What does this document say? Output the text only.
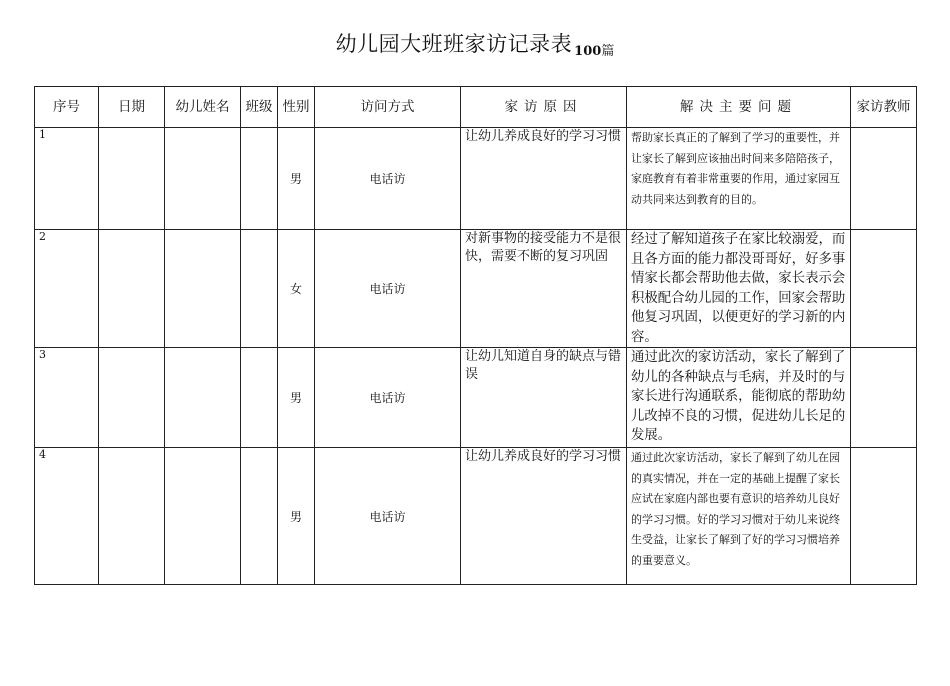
幼儿园大班班家访记录表 $_{100篇}$
序号	日期	幼儿姓名	班级	性别	访问方式	家访原因	解决主要问题	家访教师
1				男	电话访	让幼儿养成良好的学习习惯	帮助家长真正的了解到了学习的重要性，并让家长了解到应该抽出时间来多陪陪孩子，家庭教育有着非常重要的作用，通过家园互动共同来达到教育的目的。	
2				女	电话访	对新事物的接受能力不是很快，需要不断的复习巩固	经过了解知道孩子在家比较溺爱，而且各方面的能力都没哥哥好，好多事情家长都会帮助他去做，家长表示会积极配合幼儿园的工作，回家会帮助他复习巩固，以便更好的学习新的内容。	
3				男	电话访	让幼儿知道自身的缺点与错误	通过此次的家访活动，家长了解到了幼儿的各种缺点与毛病，并及时的与家长进行沟通联系，能彻底的帮助幼儿改掉不良的习惯，促进幼儿长足的发展。	
4				男	电话访	让幼儿养成良好的学习习惯	通过此次家访活动，家长了解到了幼儿在园的真实情况，并在一定的基础上提醒了家长应试在家庭内部也要有意识的培养幼儿良好的学习习惯。好的学习习惯对于幼儿来说终生受益，让家长了解到了好的学习习惯培养的重要意义。	
